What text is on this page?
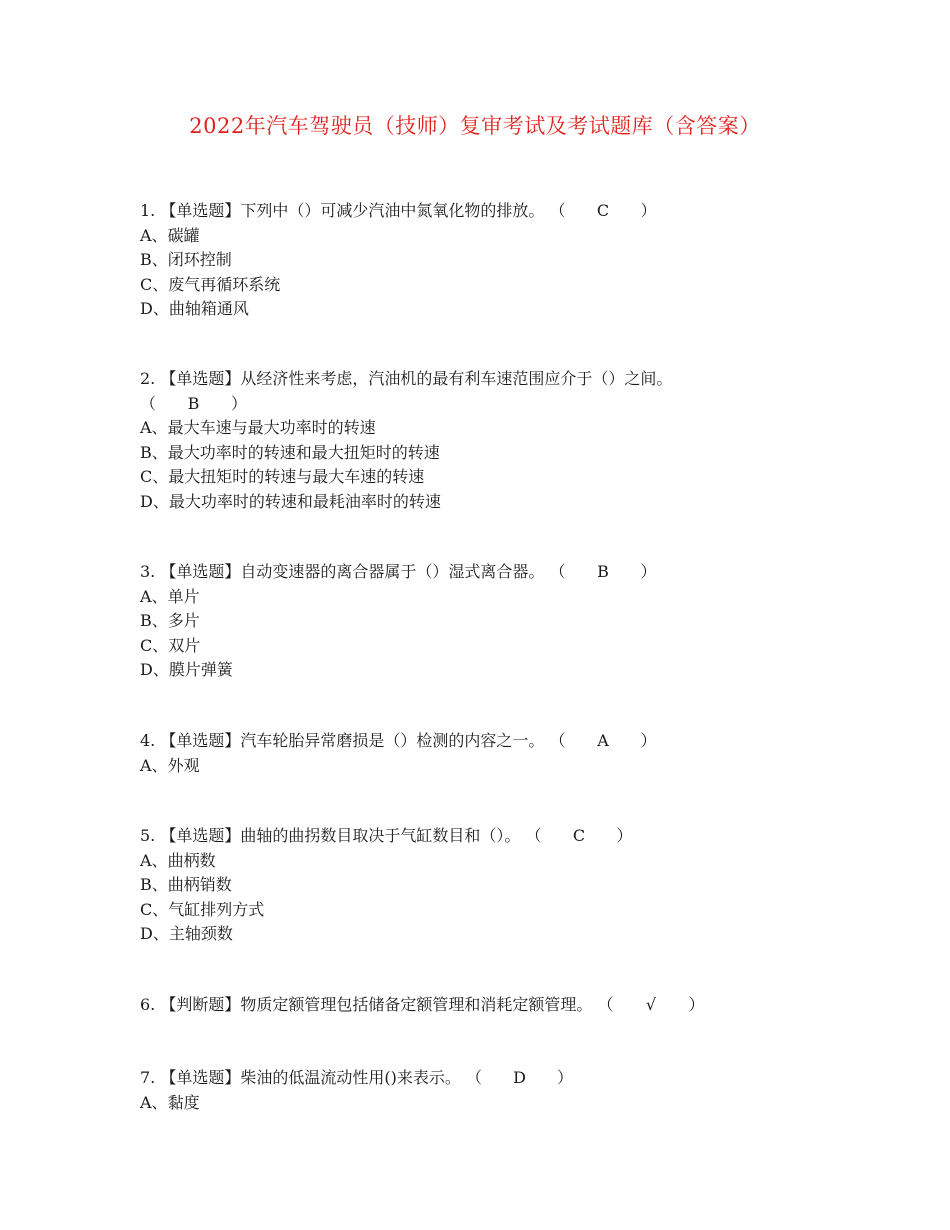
2022年汽车驾驶员（技师）复审考试及考试题库（含答案）
1. 【单选题】下列中（）可减少汽油中氮氧化物的排放。 （      C      ）
A、碳罐
B、闭环控制
C、废气再循环系统
D、曲轴箱通风
2. 【单选题】从经济性来考虑，汽油机的最有利车速范围应介于（）之间。
（      B      ）
A、最大车速与最大功率时的转速
B、最大功率时的转速和最大扭矩时的转速
C、最大扭矩时的转速与最大车速的转速
D、最大功率时的转速和最耗油率时的转速
3. 【单选题】自动变速器的离合器属于（）湿式离合器。 （      B      ）
A、单片
B、多片
C、双片
D、膜片弹簧
4. 【单选题】汽车轮胎异常磨损是（）检测的内容之一。 （      A      ）
A、外观
5. 【单选题】曲轴的曲拐数目取决于气缸数目和（）。 （      C      ）
A、曲柄数
B、曲柄销数
C、气缸排列方式
D、主轴颈数
6. 【判断题】物质定额管理包括储备定额管理和消耗定额管理。 （      √      ）
7. 【单选题】柴油的低温流动性用()来表示。 （      D      ）
A、黏度
